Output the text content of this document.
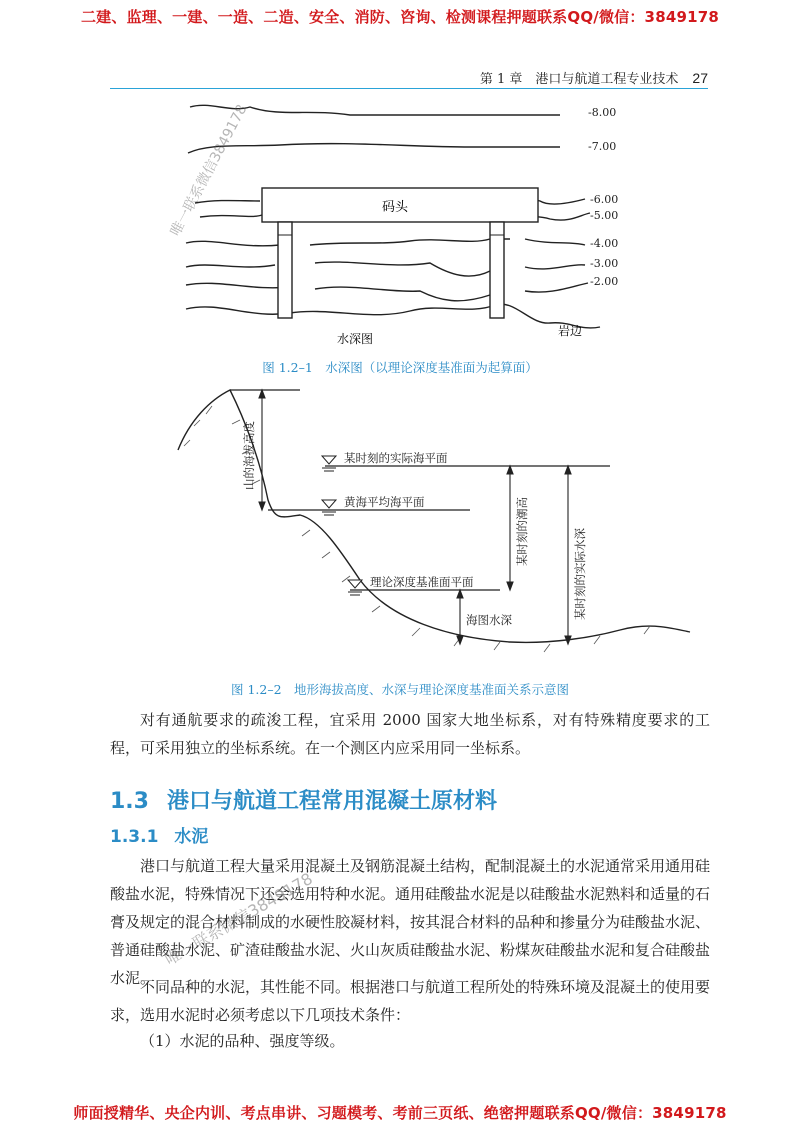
二建、监理、一建、一造、二造、安全、消防、咨询、检测课程押题联系QQ/微信：3849178
第 1 章　港口与航道工程专业技术 27
码头
水深图
岩边
-8.00
-7.00
-6.00
-5.00
-4.00
-3.00
-2.00
图 1.2–1　水深图（以理论深度基准面为起算面）
某时刻的实际海平面
黄海平均海平面
理论深度基准面平面
海图水深
山的海拔高度
某时刻的潮高	某时刻的实际水深
图 1.2–2　地形海拔高度、水深与理论深度基准面关系示意图
对有通航要求的疏浚工程，宜采用 2000 国家大地坐标系，对有特殊精度要求的工程，可采用独立的坐标系统。在一个测区内应采用同一坐标系。
1.3 港口与航道工程常用混凝土原材料
1.3.1 水泥
港口与航道工程大量采用混凝土及钢筋混凝土结构，配制混凝土的水泥通常采用通用硅酸盐水泥，特殊情况下还会选用特种水泥。通用硅酸盐水泥是以硅酸盐水泥熟料和适量的石膏及规定的混合材料制成的水硬性胶凝材料，按其混合材料的品种和掺量分为硅酸盐水泥、普通硅酸盐水泥、矿渣硅酸盐水泥、火山灰质硅酸盐水泥、粉煤灰硅酸盐水泥和复合硅酸盐水泥。
不同品种的水泥，其性能不同。根据港口与航道工程所处的特殊环境及混凝土的使用要求，选用水泥时必须考虑以下几项技术条件：
（1）水泥的品种、强度等级。
唯一联系微信3849178
唯一联系微信3849178
师面授精华、央企内训、考点串讲、习题模考、考前三页纸、绝密押题联系QQ/微信：3849178
